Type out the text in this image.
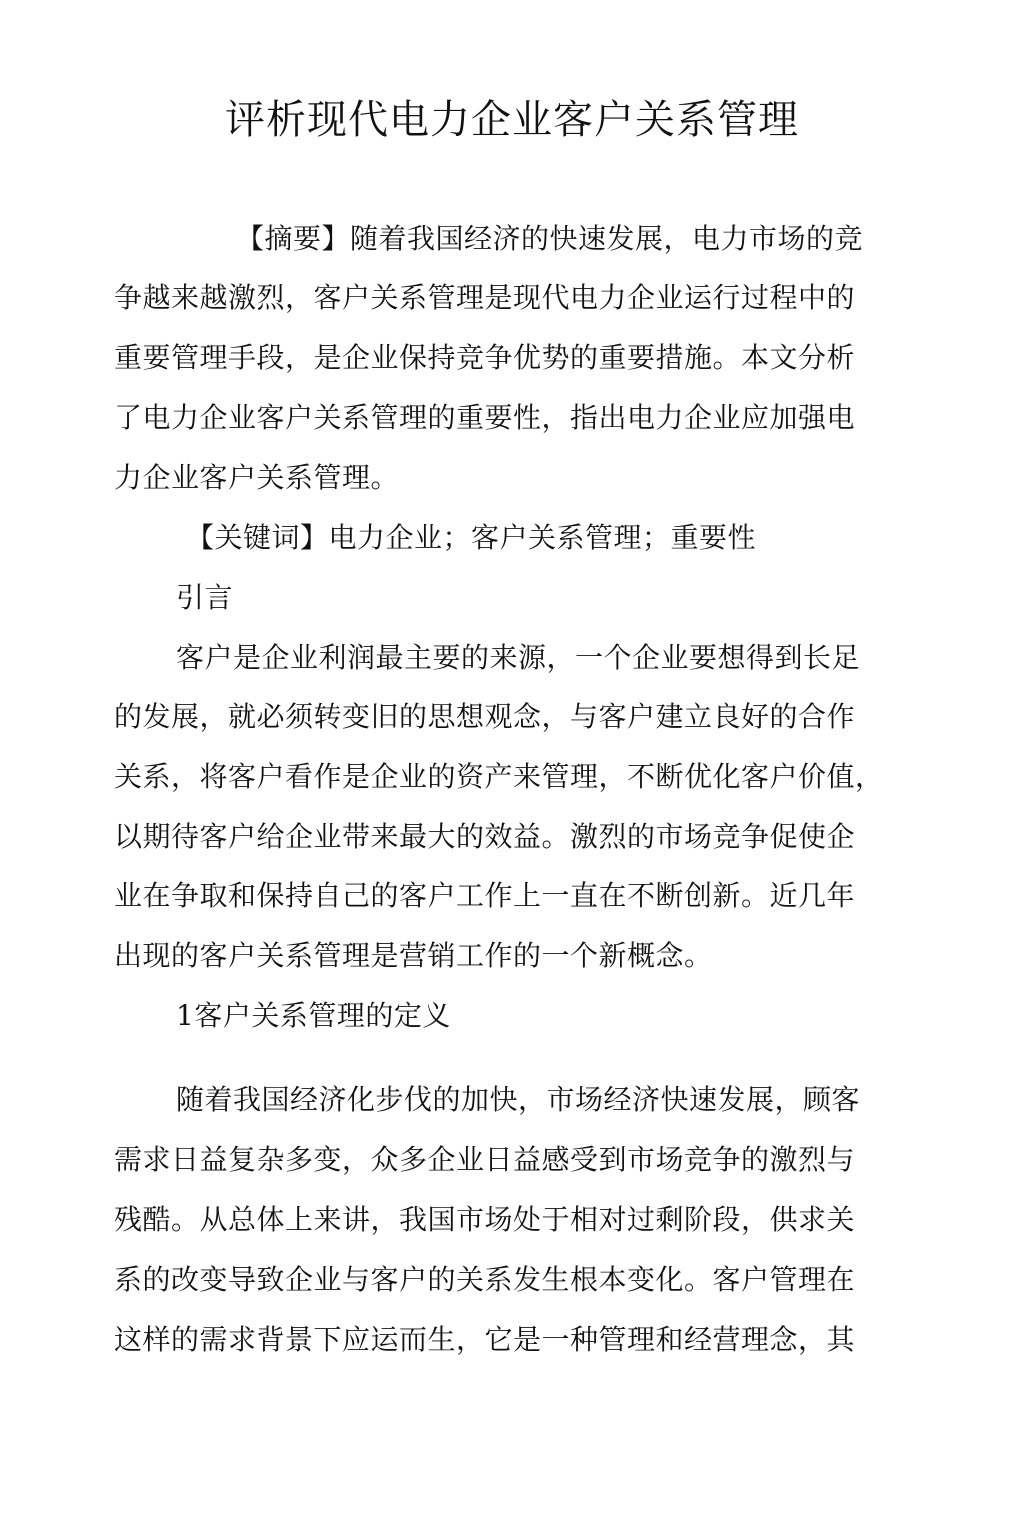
评析现代电力企业客户关系管理
【摘要】随着我国经济的快速发展，电力市场的竞
争越来越激烈，客户关系管理是现代电力企业运行过程中的
重要管理手段，是企业保持竞争优势的重要措施。本文分析
了电力企业客户关系管理的重要性，指出电力企业应加强电
力企业客户关系管理。
【关键词】电力企业；客户关系管理；重要性
引言
客户是企业利润最主要的来源，一个企业要想得到长足
的发展，就必须转变旧的思想观念，与客户建立良好的合作
关系，将客户看作是企业的资产来管理，不断优化客户价值，
以期待客户给企业带来最大的效益。激烈的市场竞争促使企
业在争取和保持自己的客户工作上一直在不断创新。近几年
出现的客户关系管理是营销工作的一个新概念。
1客户关系管理的定义
随着我国经济化步伐的加快，市场经济快速发展，顾客
需求日益复杂多变，众多企业日益感受到市场竞争的激烈与
残酷。从总体上来讲，我国市场处于相对过剩阶段，供求关
系的改变导致企业与客户的关系发生根本变化。客户管理在
这样的需求背景下应运而生，它是一种管理和经营理念，其
